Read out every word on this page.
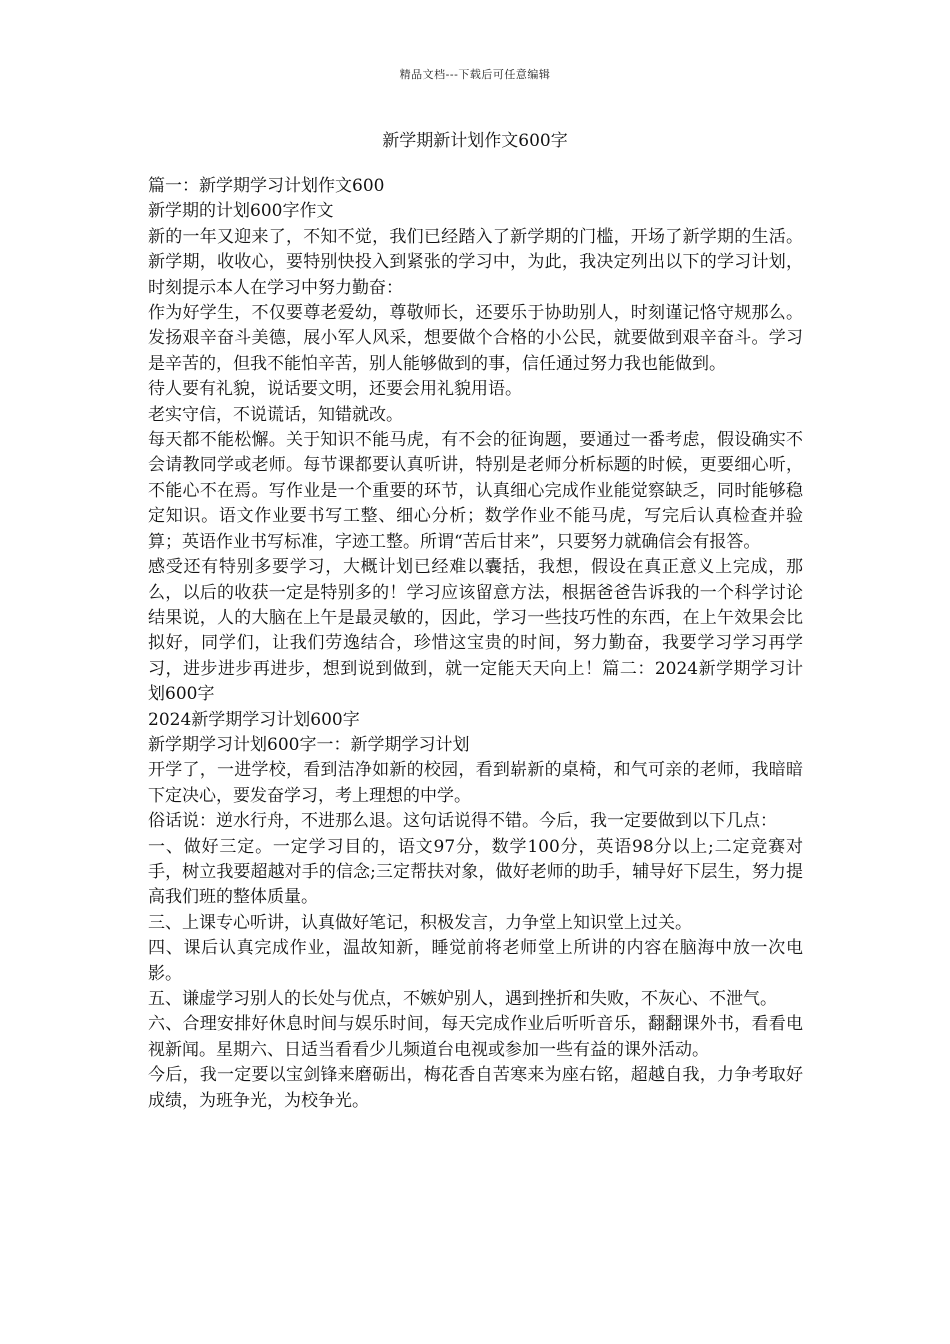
精品文档---下载后可任意编辑
新学期新计划作文600字

篇一：新学期学习计划作文600

新学期的计划600字作文

新的一年又迎来了，不知不觉，我们已经踏入了新学期的门槛，开场了新学期的生活。新学期，收收心，要特别快投入到紧张的学习中，为此，我决定列出以下的学习计划，时刻提示本人在学习中努力勤奋：

作为好学生，不仅要尊老爱幼，尊敬师长，还要乐于协助别人，时刻谨记恪守规那么。发扬艰辛奋斗美德，展小军人风采，想要做个合格的小公民，就要做到艰辛奋斗。学习是辛苦的，但我不能怕辛苦，别人能够做到的事，信任通过努力我也能做到。

待人要有礼貌，说话要文明，还要会用礼貌用语。

老实守信，不说谎话，知错就改。

每天都不能松懈。关于知识不能马虎，有不会的征询题，要通过一番考虑，假设确实不会请教同学或老师。每节课都要认真听讲，特别是老师分析标题的时候，更要细心听，不能心不在焉。写作业是一个重要的环节，认真细心完成作业能觉察缺乏，同时能够稳定知识。语文作业要书写工整、细心分析；数学作业不能马虎，写完后认真检查并验算；英语作业书写标准，字迹工整。所谓“苦后甘来”，只要努力就确信会有报答。

感受还有特别多要学习，大概计划已经难以囊括，我想，假设在真正意义上完成，那么，以后的收获一定是特别多的！学习应该留意方法，根据爸爸告诉我的一个科学讨论结果说，人的大脑在上午是最灵敏的，因此，学习一些技巧性的东西，在上午效果会比拟好，同学们，让我们劳逸结合，珍惜这宝贵的时间，努力勤奋，我要学习学习再学习，进步进步再进步，想到说到做到，就一定能天天向上！篇二：2024新学期学习计划600字

2024新学期学习计划600字

新学期学习计划600字一：新学期学习计划

开学了，一进学校，看到洁净如新的校园，看到崭新的桌椅，和气可亲的老师，我暗暗下定决心，要发奋学习，考上理想的中学。

俗话说：逆水行舟，不进那么退。这句话说得不错。今后，我一定要做到以下几点：

一、做好三定。一定学习目的，语文97分，数学100分，英语98分以上;二定竞赛对手，树立我要超越对手的信念;三定帮扶对象，做好老师的助手，辅导好下层生，努力提高我们班的整体质量。

三、上课专心听讲，认真做好笔记，积极发言，力争堂上知识堂上过关。

四、课后认真完成作业，温故知新，睡觉前将老师堂上所讲的内容在脑海中放一次电影。

五、谦虚学习别人的长处与优点，不嫉妒别人，遇到挫折和失败，不灰心、不泄气。

六、合理安排好休息时间与娱乐时间，每天完成作业后听听音乐，翻翻课外书，看看电视新闻。星期六、日适当看看少儿频道台电视或参加一些有益的课外活动。

今后，我一定要以宝剑锋来磨砺出，梅花香自苦寒来为座右铭，超越自我，力争考取好成绩，为班争光，为校争光。
